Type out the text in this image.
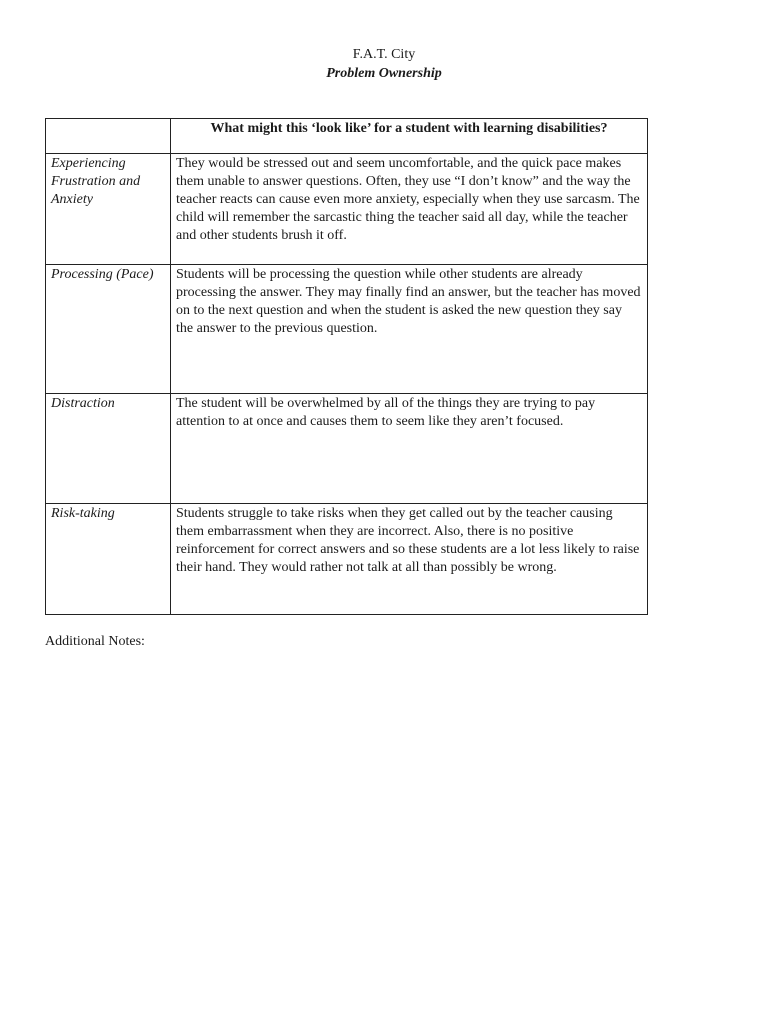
F.A.T. City
Problem Ownership
	What might this ‘look like’ for a student with learning disabilities?
Experiencing Frustration and Anxiety	They would be stressed out and seem uncomfortable, and the quick pace makes them unable to answer questions. Often, they use “I don’t know” and the way the teacher reacts can cause even more anxiety, especially when they use sarcasm. The child will remember the sarcastic thing the teacher said all day, while the teacher and other students brush it off.
Processing (Pace)	Students will be processing the question while other students are already processing the answer. They may finally find an answer, but the teacher has moved on to the next question and when the student is asked the new question they say the answer to the previous question.
Distraction	The student will be overwhelmed by all of the things they are trying to pay attention to at once and causes them to seem like they aren’t focused.
Risk-taking	Students struggle to take risks when they get called out by the teacher causing them embarrassment when they are incorrect. Also, there is no positive reinforcement for correct answers and so these students are a lot less likely to raise their hand. They would rather not talk at all than possibly be wrong.
Additional Notes:
